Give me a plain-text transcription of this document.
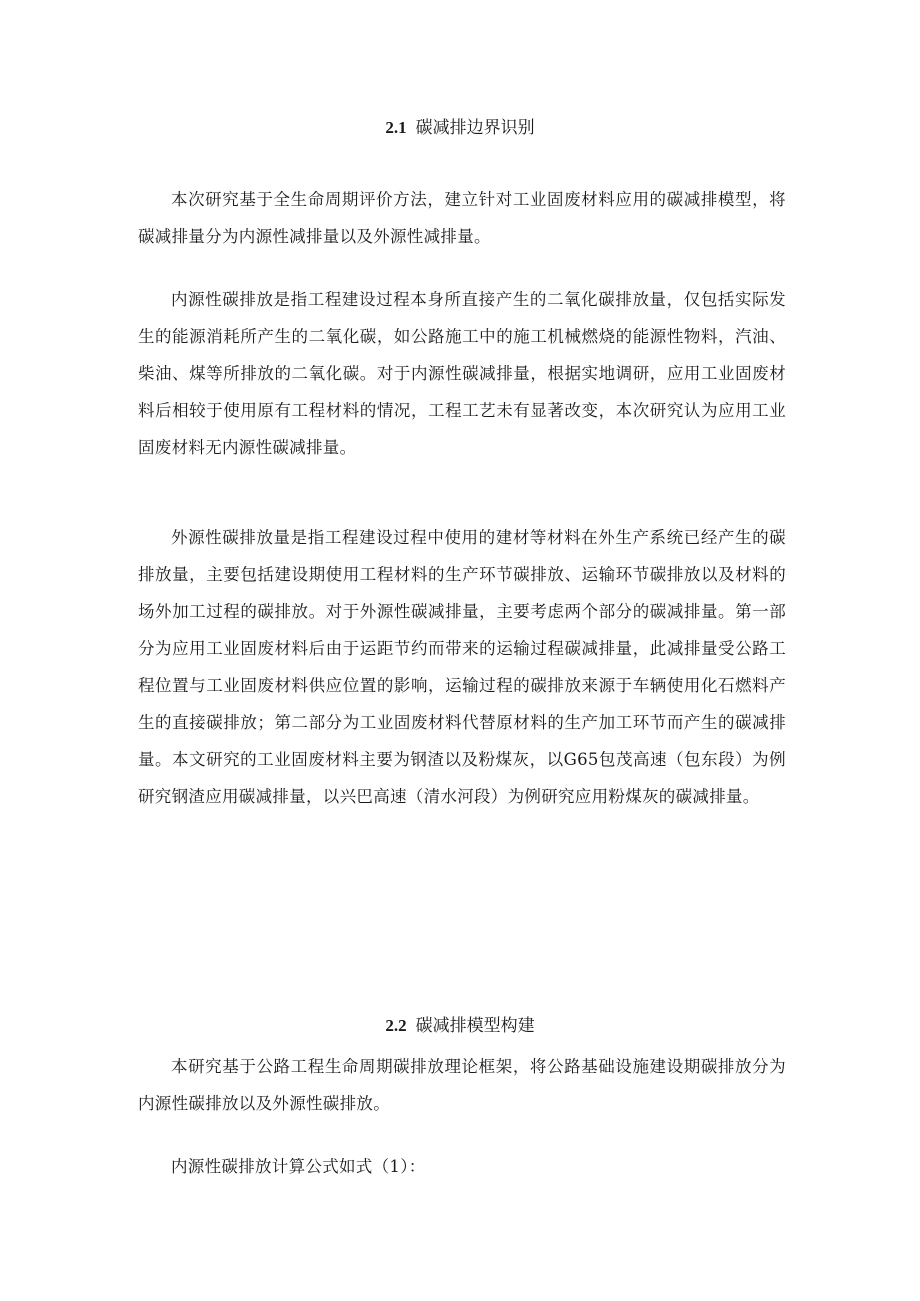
2.1 碳减排边界识别

本次研究基于全生命周期评价方法，建立针对工业固废材料应用的碳减排模型，将碳减排量分为内源性减排量以及外源性减排量。

内源性碳排放是指工程建设过程本身所直接产生的二氧化碳排放量，仅包括实际发生的能源消耗所产生的二氧化碳，如公路施工中的施工机械燃烧的能源性物料，汽油、柴油、煤等所排放的二氧化碳。对于内源性碳减排量，根据实地调研，应用工业固废材料后相较于使用原有工程材料的情况，工程工艺未有显著改变，本次研究认为应用工业固废材料无内源性碳减排量。

外源性碳排放量是指工程建设过程中使用的建材等材料在外生产系统已经产生的碳排放量，主要包括建设期使用工程材料的生产环节碳排放、运输环节碳排放以及材料的场外加工过程的碳排放。对于外源性碳减排量，主要考虑两个部分的碳减排量。第一部分为应用工业固废材料后由于运距节约而带来的运输过程碳减排量，此减排量受公路工程位置与工业固废材料供应位置的影响，运输过程的碳排放来源于车辆使用化石燃料产生的直接碳排放；第二部分为工业固废材料代替原材料的生产加工环节而产生的碳减排量。本文研究的工业固废材料主要为钢渣以及粉煤灰，以G65包茂高速（包东段）为例研究钢渣应用碳减排量，以兴巴高速（清水河段）为例研究应用粉煤灰的碳减排量。

2.2 碳减排模型构建

本研究基于公路工程生命周期碳排放理论框架，将公路基础设施建设期碳排放分为内源性碳排放以及外源性碳排放。

内源性碳排放计算公式如式（1）：
